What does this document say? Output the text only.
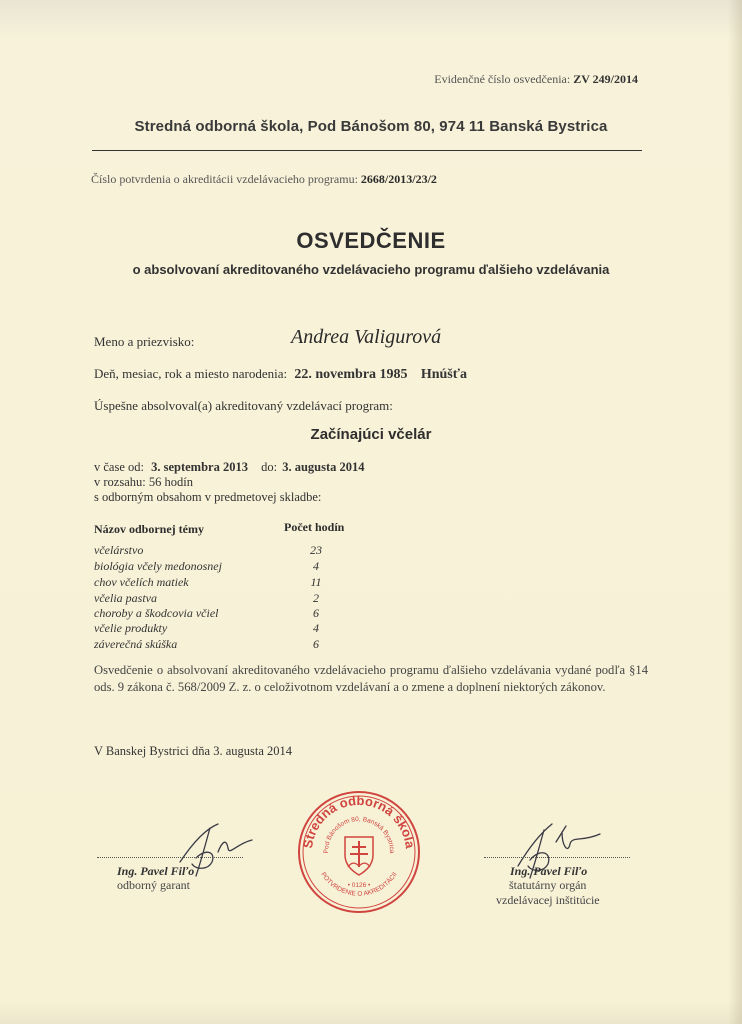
Evidenčné číslo osvedčenia: ZV 249/2014
Stredná odborná škola, Pod Bánošom 80, 974 11 Banská Bystrica
Číslo potvrdenia o akreditácii vzdelávacieho programu: 2668/2013/23/2
OSVEDČENIE
o absolvovaní akreditovaného vzdelávacieho programu ďalšieho vzdelávania
Meno a priezvisko:	Andrea Valigurová
Deň, mesiac, rok a miesto narodenia: 22. novembra 1985 Hnúšťa
Úspešne absolvoval(a) akreditovaný vzdelávací program:
Začínajúci včelár
v čase od: 3. septembra 2013 do: 3. augusta 2014
v rozsahu: 56 hodín
s odborným obsahom v predmetovej skladbe:
Názov odbornej témy	Počet hodín
včelárstvo	23
biológia včely medonosnej	4
chov včelích matiek	11
včelia pastva	2
choroby a škodcovia včiel	6
včelie produkty	4
záverečná skúška	6
Osvedčenie o absolvovaní akreditovaného vzdelávacieho programu ďalšieho vzdelávania vydané podľa §14 ods. 9 zákona č. 568/2009 Z. z. o celoživotnom vzdelávaní a o zmene a doplnení niektorých zákonov.
V Banskej Bystrici dňa 3. augusta 2014
Ing. Pavel Fiľo
odborný garant
Stredná odborná škola
Pod Bánošom 80, Banská Bystrica
POTVRDENIE O AKREDITÁCII
• 0126 •
Ing. Pavel Fiľo
štatutárny orgán
vzdelávacej inštitúcie
